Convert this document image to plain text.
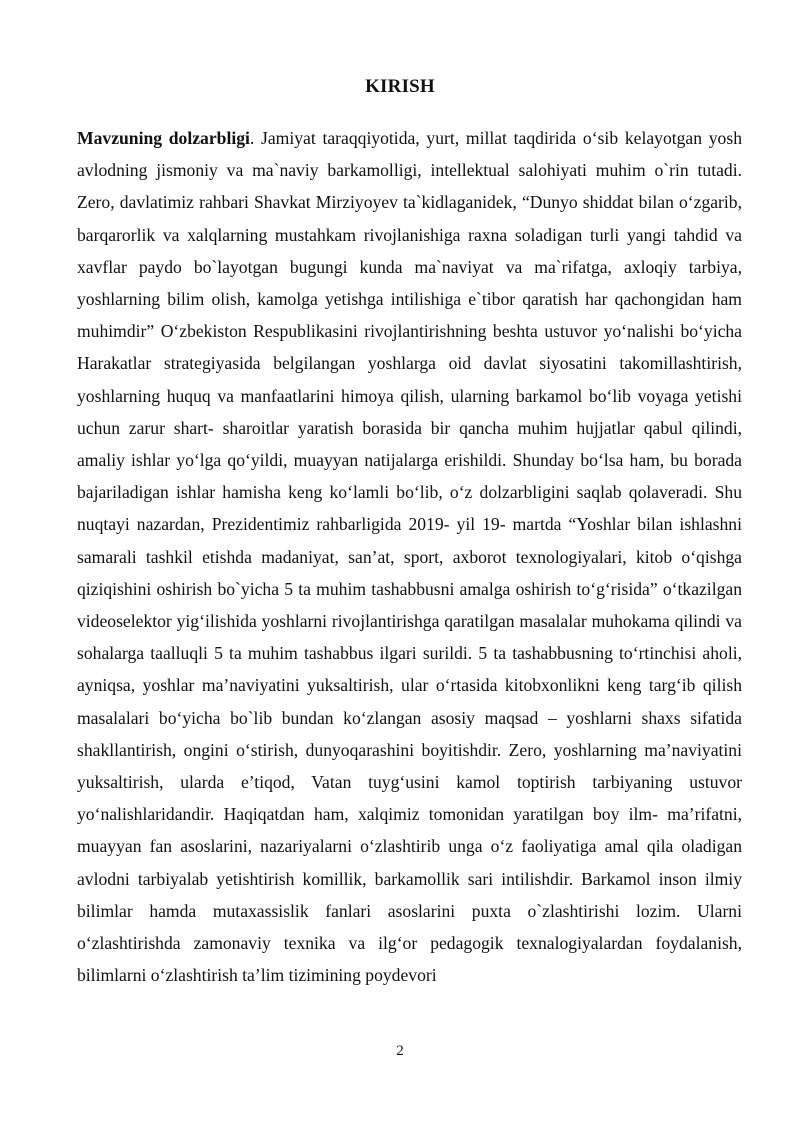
KIRISH

Mavzuning dolzarbligi. Jamiyat taraqqiyotida, yurt, millat taqdirida o‘sib kelayotgan yosh avlodning jismoniy va ma`naviy barkamolligi, intellektual salohiyati muhim o`rin tutadi. Zero, davlatimiz rahbari Shavkat Mirziyoyev ta`kidlaganidek, “Dunyo shiddat bilan o‘zgarib, barqarorlik va xalqlarning mustahkam rivojlanishiga raxna soladigan turli yangi tahdid va xavflar paydo bo`layotgan bugungi kunda ma`naviyat va ma`rifatga, axloqiy tarbiya, yoshlarning bilim olish, kamolga yetishga intilishiga e`tibor qaratish har qachongidan ham muhimdir” O‘zbekiston Respublikasini rivojlantirishning beshta ustuvor yo‘nalishi bo‘yicha Harakatlar strategiyasida belgilangan yoshlarga oid davlat siyosatini takomillashtirish, yoshlarning huquq va manfaatlarini himoya qilish, ularning barkamol bo‘lib voyaga yetishi uchun zarur shart- sharoitlar yaratish borasida bir qancha muhim hujjatlar qabul qilindi, amaliy ishlar yo‘lga qo‘yildi, muayyan natijalarga erishildi. Shunday bo‘lsa ham, bu borada bajariladigan ishlar hamisha keng ko‘lamli bo‘lib, o‘z dolzarbligini saqlab qolaveradi. Shu nuqtayi nazardan, Prezidentimiz rahbarligida 2019- yil 19- martda “Yoshlar bilan ishlashni samarali tashkil etishda madaniyat, san’at, sport, axborot texnologiyalari, kitob o‘qishga qiziqishini oshirish bo`yicha 5 ta muhim tashabbusni amalga oshirish to‘g‘risida” o‘tkazilgan videoselektor yig‘ilishida yoshlarni rivojlantirishga qaratilgan masalalar muhokama qilindi va sohalarga taalluqli 5 ta muhim tashabbus ilgari surildi. 5 ta tashabbusning to‘rtinchisi aholi, ayniqsa, yoshlar ma’naviyatini yuksaltirish, ular o‘rtasida kitobxonlikni keng targ‘ib qilish masalalari bo‘yicha bo`lib bundan ko‘zlangan asosiy maqsad – yoshlarni shaxs sifatida shakllantirish, ongini o‘stirish, dunyoqarashini boyitishdir. Zero, yoshlarning ma’naviyatini yuksaltirish, ularda e’tiqod, Vatan tuyg‘usini kamol toptirish tarbiyaning ustuvor yo‘nalishlaridandir. Haqiqatdan ham, xalqimiz tomonidan yaratilgan boy ilm- ma’rifatni, muayyan fan asoslarini, nazariyalarni o‘zlashtirib unga o‘z faoliyatiga amal qila oladigan avlodni tarbiyalab yetishtirish komillik, barkamollik sari intilishdir. Barkamol inson ilmiy bilimlar hamda mutaxassislik fanlari asoslarini puxta o`zlashtirishi lozim. Ularni o‘zlashtirishda zamonaviy texnika va ilg‘or pedagogik texnalogiyalardan foydalanish, bilimlarni o‘zlashtirish ta’lim tizimining poydevori

2
